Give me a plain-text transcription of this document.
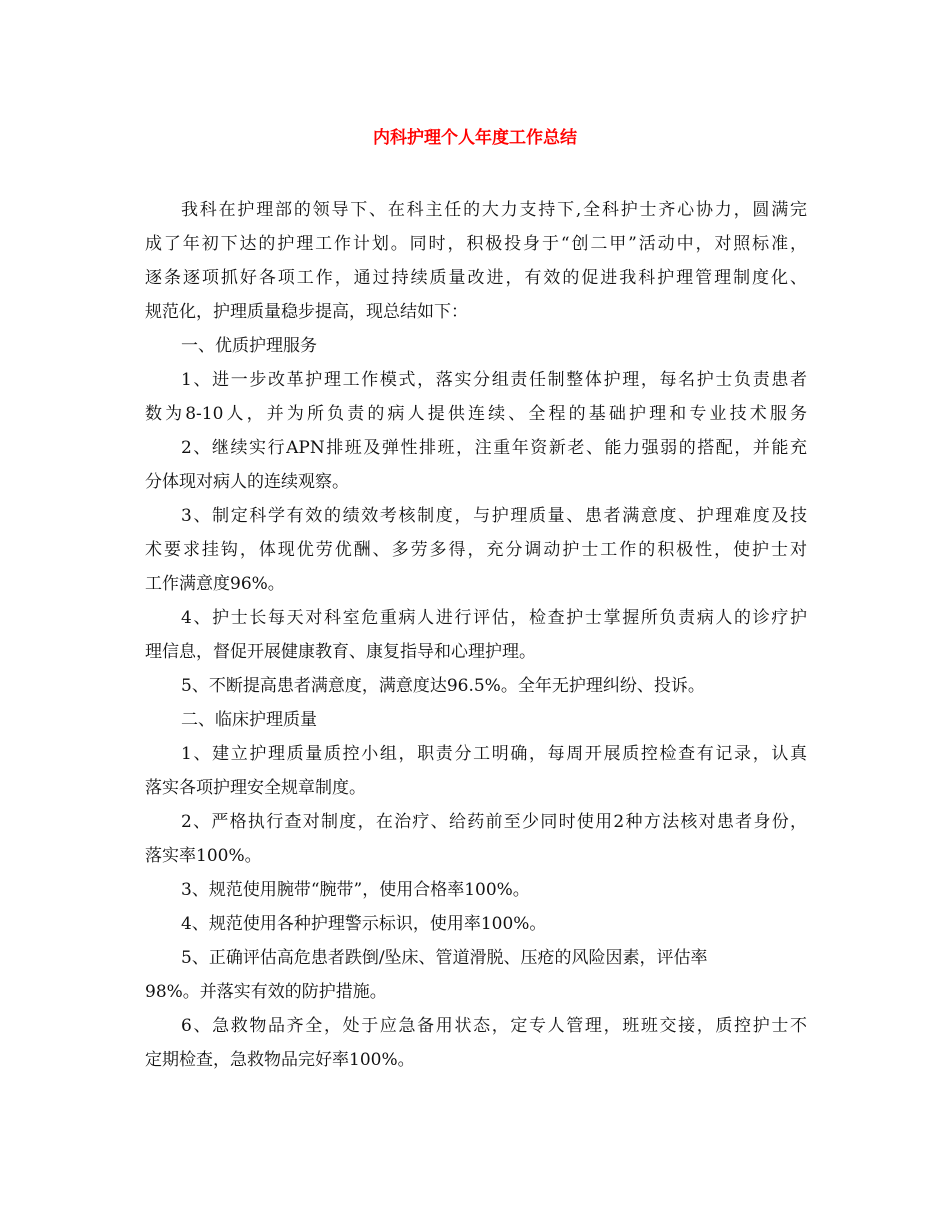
内科护理个人年度工作总结
我科在护理部的领导下、在科主任的大力支持下,全科护士齐心协力，圆满完
成了年初下达的护理工作计划。同时，积极投身于“创二甲”活动中，对照标准，
逐条逐项抓好各项工作，通过持续质量改进，有效的促进我科护理管理制度化、
规范化，护理质量稳步提高，现总结如下：
一、优质护理服务
1、进一步改革护理工作模式，落实分组责任制整体护理，每名护士负责患者
数为8-10人，并为所负责的病人提供连续、全程的基础护理和专业技术服务
2、继续实行APN排班及弹性排班，注重年资新老、能力强弱的搭配，并能充
分体现对病人的连续观察。
3、制定科学有效的绩效考核制度，与护理质量、患者满意度、护理难度及技
术要求挂钩，体现优劳优酬、多劳多得，充分调动护士工作的积极性，使护士对
工作满意度96%。
4、护士长每天对科室危重病人进行评估，检查护士掌握所负责病人的诊疗护
理信息，督促开展健康教育、康复指导和心理护理。
5、不断提高患者满意度，满意度达96.5%。全年无护理纠纷、投诉。
二、临床护理质量
1、建立护理质量质控小组，职责分工明确，每周开展质控检查有记录，认真
落实各项护理安全规章制度。
2、严格执行查对制度，在治疗、给药前至少同时使用2种方法核对患者身份，
落实率100%。
3、规范使用腕带“腕带”，使用合格率100%。
4、规范使用各种护理警示标识，使用率100%。
5、正确评估高危患者跌倒/坠床、管道滑脱、压疮的风险因素，评估率
98%。并落实有效的防护措施。
6、急救物品齐全，处于应急备用状态，定专人管理，班班交接，质控护士不
定期检查，急救物品完好率100%。
